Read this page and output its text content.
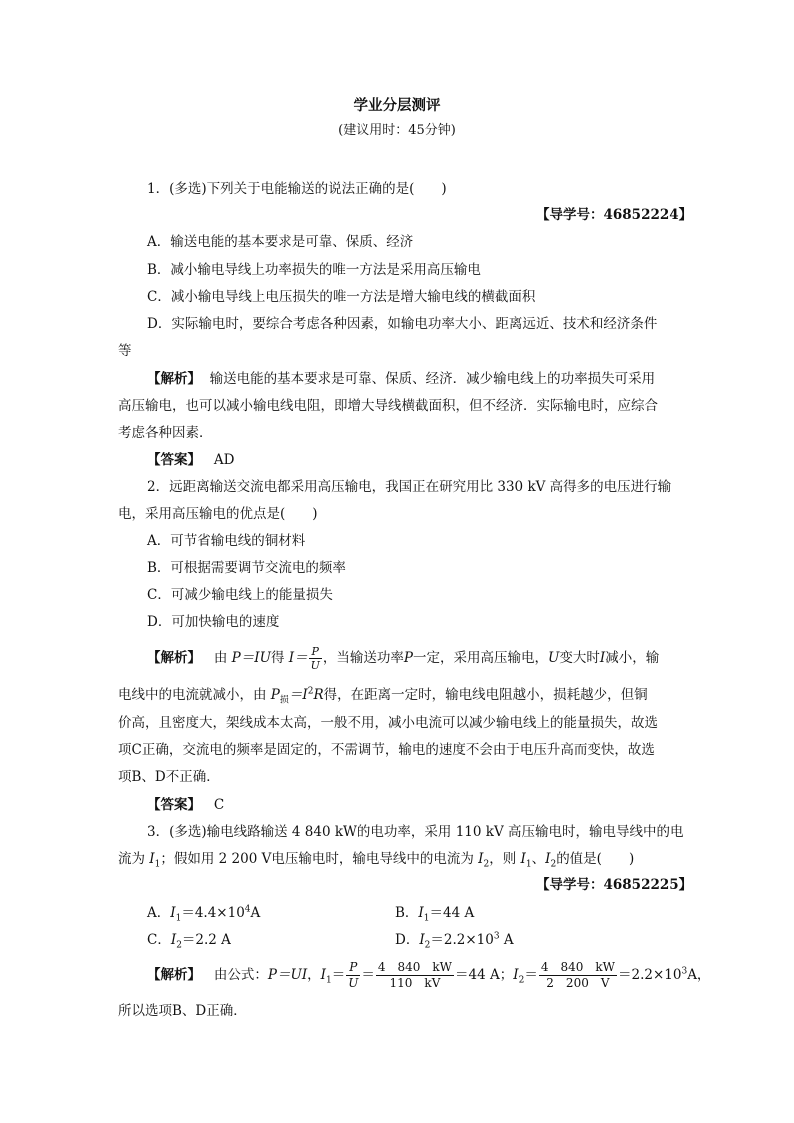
学业分层测评
(建议用时：45分钟)
1．(多选)下列关于电能输送的说法正确的是(　　)
【导学号：46852224】
A．输送电能的基本要求是可靠、保质、经济
B．减小输电导线上功率损失的唯一方法是采用高压输电
C．减小输电导线上电压损失的唯一方法是增大输电线的横截面积
D．实际输电时，要综合考虑各种因素，如输电功率大小、距离远近、技术和经济条件
等
【解析】 输送电能的基本要求是可靠、保质、经济．减少输电线上的功率损失可采用
高压输电，也可以减小输电线电阻，即增大导线横截面积，但不经济．实际输电时，应综合
考虑各种因素．
【答案】 AD
2．远距离输送交流电都采用高压输电，我国正在研究用比 330 kV 高得多的电压进行输
电，采用高压输电的优点是(　　)
A．可节省输电线的铜材料
B．可根据需要调节交流电的频率
C．可减少输电线上的能量损失
D．可加快输电的速度
【解析】 由 P＝IU得 $I= \frac{P}{U}$ ，当输送功率P一定，采用高压输电，U变大时I减小，输
电线中的电流就减小，由 $P_损=I^2R$得，在距离一定时，输电线电阻越小，损耗越少，但铜
价高，且密度大，架线成本太高，一般不用，减小电流可以减少输电线上的能量损失，故选
项C正确，交流电的频率是固定的，不需调节，输电的速度不会由于电压升高而变快，故选
项B、D不正确．
【答案】 C
3．(多选)输电线路输送 4 840 kW的电功率，采用 110 kV 高压输电时，输电导线中的电
流为 $I_1$；假如用 2 200 V电压输电时，输电导线中的电流为 $I_2$，则 $I_1$、$I_2$的值是(　　)
【导学号：46852225】
A．$I_1=4.4\times 10^4A$	B．$I_1=44$ A
C．$I_2=2.2$ A	D．$I_2=2.2\times 10^3$ A
【解析】 由公式：P＝UI，$I_1= \frac{P}{U} = \frac{4 840 kW}{110 kV} =44$ A；$I_2= \frac{4 840 kW}{2 200 V} =2.2\times 10^3A$，
所以选项B、D正确．
